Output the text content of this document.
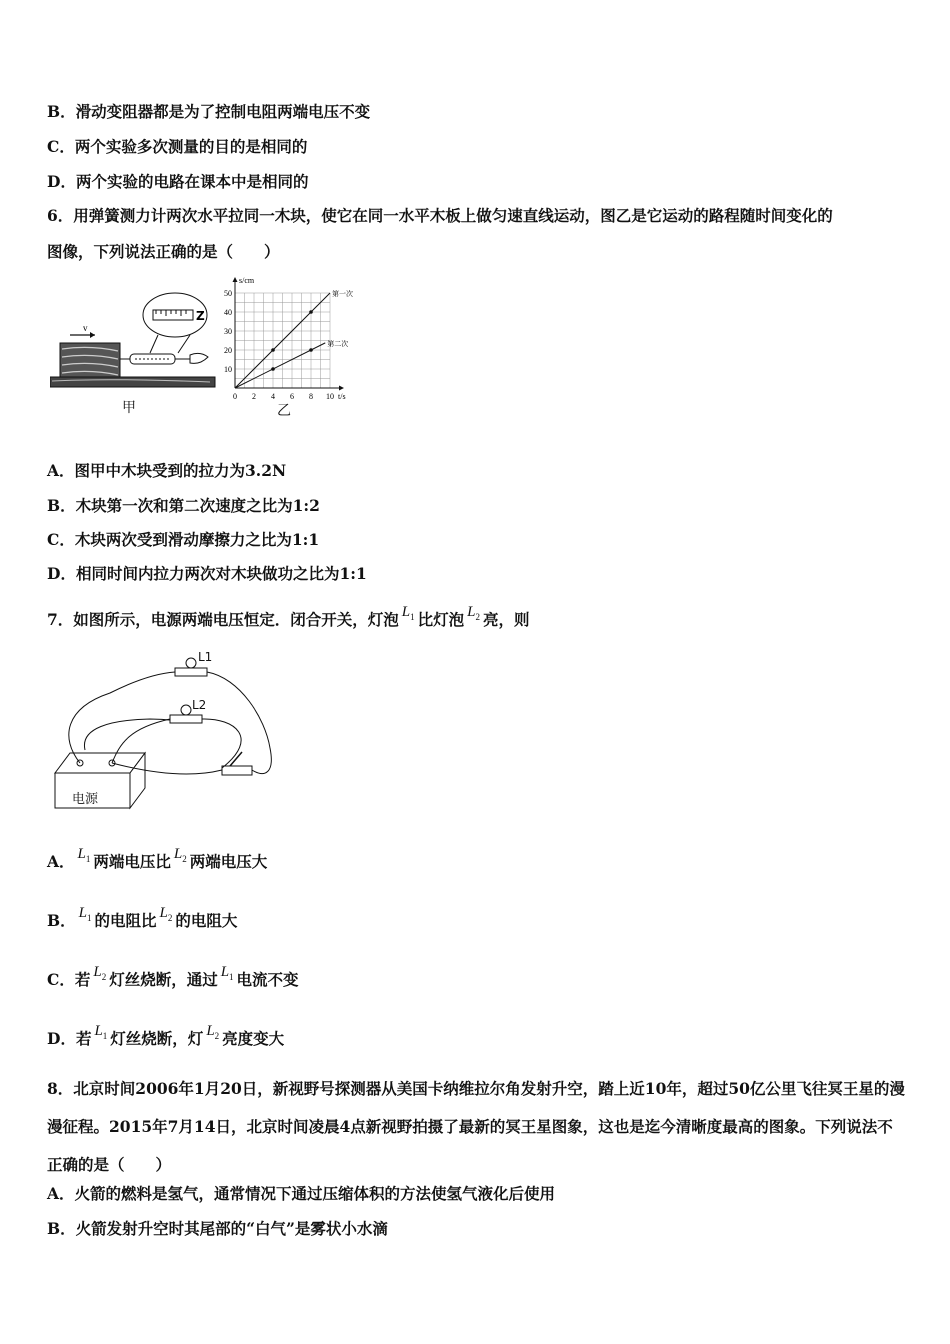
B．滑动变阻器都是为了控制电阻两端电压不变
C．两个实验多次测量的目的是相同的
D．两个实验的电路在课本中是相同的
6．用弹簧测力计两次水平拉同一木块，使它在同一水平木板上做匀速直线运动，图乙是它运动的路程随时间变化的
图像，下列说法正确的是（　　）
v
Z
甲
0 2 4 6 8 10
10
20
30
40
50
t/s
s/cm
第一次
第二次
乙
A．图甲中木块受到的拉力为3.2N
B．木块第一次和第二次速度之比为1:2
C．木块两次受到滑动摩擦力之比为1:1
D．相同时间内拉力两次对木块做功之比为1:1
7．如图所示，电源两端电压恒定．闭合开关，灯泡 $L_1$ 比灯泡 $L_2$ 亮，则
L1
L2
电源
A． $L_1$ 两端电压比 $L_2$ 两端电压大
B． $L_1$ 的电阻比 $L_2$ 的电阻大
C．若 $L_2$ 灯丝烧断，通过 $L_1$ 电流不变
D．若 $L_1$ 灯丝烧断，灯 $L_2$ 亮度变大
8．北京时间2006年1月20日，新视野号探测器从美国卡纳维拉尔角发射升空，踏上近10年，超过50亿公里飞往冥王星的漫漫征程。2015年7月14日，北京时间凌晨4点新视野拍摄了最新的冥王星图象，这也是迄今清晰度最高的图象。下列说法不正确的是（　　）
A．火箭的燃料是氢气，通常情况下通过压缩体积的方法使氢气液化后使用
B．火箭发射升空时其尾部的“白气”是雾状小水滴
